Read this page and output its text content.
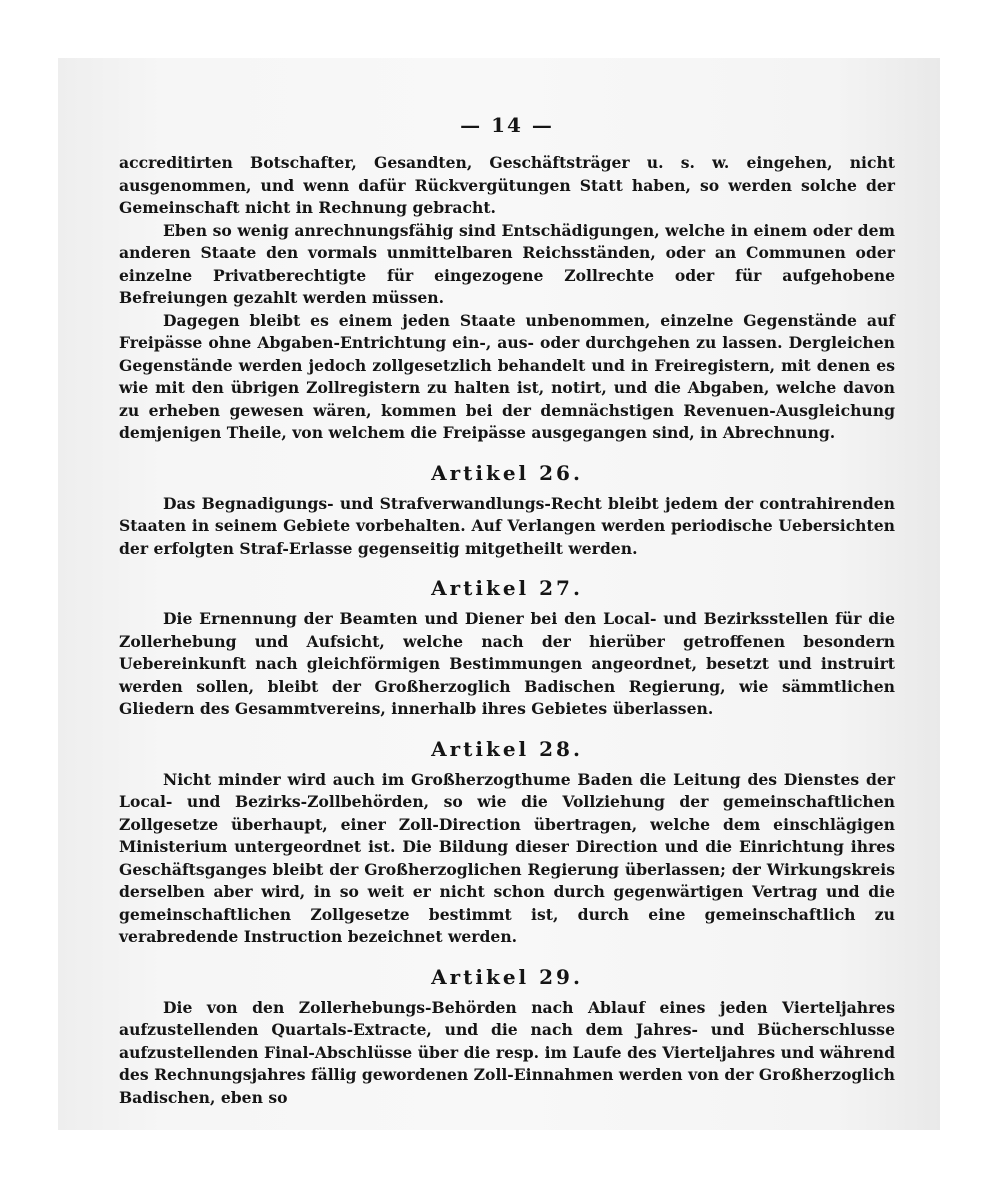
— 14 —

accreditirten Botschafter, Gesandten, Geschäftsträger u. s. w. eingehen, nicht ausgenommen, und wenn dafür Rückvergütungen Statt haben, so werden solche der Gemeinschaft nicht in Rechnung gebracht.

Eben so wenig anrechnungsfähig sind Entschädigungen, welche in einem oder dem anderen Staate den vormals unmittelbaren Reichsständen, oder an Communen oder einzelne Privatberechtigte für eingezogene Zollrechte oder für aufgehobene Befreiungen gezahlt werden müssen.

Dagegen bleibt es einem jeden Staate unbenommen, einzelne Gegenstände auf Freipässe ohne Abgaben-Entrichtung ein-, aus- oder durchgehen zu lassen. Dergleichen Gegenstände werden jedoch zollgesetzlich behandelt und in Freiregistern, mit denen es wie mit den übrigen Zollregistern zu halten ist, notirt, und die Abgaben, welche davon zu erheben gewesen wären, kommen bei der demnächstigen Revenuen-Ausgleichung demjenigen Theile, von welchem die Freipässe ausgegangen sind, in Abrechnung.

Artikel 26.

Das Begnadigungs- und Strafverwandlungs-Recht bleibt jedem der contrahirenden Staaten in seinem Gebiete vorbehalten. Auf Verlangen werden periodische Uebersichten der erfolgten Straf-Erlasse gegenseitig mitgetheilt werden.

Artikel 27.

Die Ernennung der Beamten und Diener bei den Local- und Bezirksstellen für die Zollerhebung und Aufsicht, welche nach der hierüber getroffenen besondern Uebereinkunft nach gleichförmigen Bestimmungen angeordnet, besetzt und instruirt werden sollen, bleibt der Großherzoglich Badischen Regierung, wie sämmtlichen Gliedern des Gesammtvereins, innerhalb ihres Gebietes überlassen.

Artikel 28.

Nicht minder wird auch im Großherzogthume Baden die Leitung des Dienstes der Local- und Bezirks-Zollbehörden, so wie die Vollziehung der gemeinschaftlichen Zollgesetze überhaupt, einer Zoll-Direction übertragen, welche dem einschlägigen Ministerium untergeordnet ist. Die Bildung dieser Direction und die Einrichtung ihres Geschäftsganges bleibt der Großherzoglichen Regierung überlassen; der Wirkungskreis derselben aber wird, in so weit er nicht schon durch gegenwärtigen Vertrag und die gemeinschaftlichen Zollgesetze bestimmt ist, durch eine gemeinschaftlich zu verabredende Instruction bezeichnet werden.

Artikel 29.

Die von den Zollerhebungs-Behörden nach Ablauf eines jeden Vierteljahres aufzustellenden Quartals-Extracte, und die nach dem Jahres- und Bücherschlusse aufzustellenden Final-Abschlüsse über die resp. im Laufe des Vierteljahres und während des Rechnungsjahres fällig gewordenen Zoll-Einnahmen werden von der Großherzoglich Badischen, eben so
